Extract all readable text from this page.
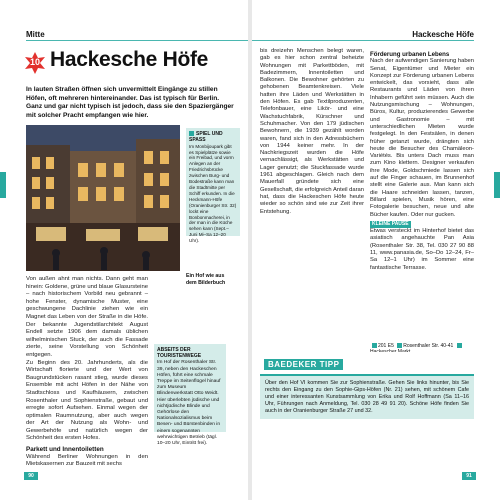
Mitte
10 Hackesche Höfe
In lauten Straßen öffnen sich unvermittelt Eingänge zu stillen Höfen, oft mehreren hintereinander. Das ist typisch für Berlin. Ganz und gar nicht typisch ist jedoch, dass sie den Spaziergänger mit solcher Pracht empfangen wie hier.
Ein Hof wie aus dem Bilderbuch
SPIEL UND SPASS
Im Monbijoupark gibt es Spielplätze sowie ein Freibad, und vorm Anlegen an der Friedrichsbrücke zwischen Burg- und Bodestraße kann man die Stadtmitte per Schiff erkunden. In die Heckmann-Höfe (Oranienburger Str. 32) lockt eine Bonbonmacherei, in der man in die Küche sehen kann (Sept.–Juni Mi–Sa 12–20 Uhr).

Von außen ahnt man nichts. Dann geht man hinein: Goldene, grüne und blaue Glasursteine – nach historischem Vorbild neu gebrannt – hohe Fenster, dynamische Muster, eine geschwungene Dachlinie ziehen wie ein Magnet das Leben von der Straße in die Höfe. Der bekannte Jugendstilarchitekt August Endell setzte 1906 dem damals üblichen wilhelminischen Stuck, der auch die Fassade zierte, seine Vorstellung von Schönheit entgegen.

Zu Beginn des 20. Jahrhunderts, als die Wirtschaft florierte und der Wert von Baugrundstücken rasant stieg, wurde dieses Ensemble mit acht Höfen in der Nähe von Stadtschloss und Kaufhäusern, zwischen Rosenthaler und Sophienstraße, gebaut und erregte sofort Aufsehen. Einmal wegen der optimalen Raumnutzung, aber auch wegen der Art der Nutzung als Wohn- und Gewerbehöfe und natürlich wegen der Schönheit des ersten Hofes.

Parkett und Innentoiletten

Während Berliner Wohnungen in den Mietskasernen zur Bauzeit mit sechs

ABSEITS DER TOURISTENWEGE
Im Hof der Rosenthaler Str. 39, neben den Hackeschen Höfen, führt eine schmale Treppe im Seitenflügel hinauf zum Museum Blindenwerkstatt Otto Weidt. Hier überlebten jüdische und nichtjüdische Blinde und Gehörlose den Nationalsozialismus beim Besen- und Bürstenbinden in einem sogenannten wehrwichtigen Betrieb (tägl. 10–20 Uhr, Eintritt frei).
90
Hackesche Höfe
bis dreizehn Menschen belegt waren, gab es hier schon zentral beheizte Wohnungen mit Parkettböden, mit Badezimmern, Innentoiletten und Balkonen. Die Bewohner gehörten zu gehobenen Beamtenkreisen. Viele hatten ihre Läden und Werkstätten in den Höfen. Es gab Textilproduzenten, Telefonbauer, eine Likör- und eine Wachstuchfabrik, Kürschner und Schuhmacher. Von den 179 jüdischen Bewohnern, die 1939 gezählt worden waren, fand sich in den Adressbüchern von 1944 keiner mehr. In der Nachkriegszeit wurden die Höfe vernachlässigt, als Werkstätten und Lager genutzt; die Stuckfassade wurde 1961 abgeschlagen. Gleich nach dem Mauerfall gründete sich eine Gesellschaft, die erfolgreich Anteil daran hat, dass die Hackeschen Höfe heute wieder so schön sind wie zur Zeit ihrer Entstehung.
Förderung urbanen Lebens

Nach der aufwendigen Sanierung haben Senat, Eigentümer und Mieter ein Konzept zur Förderung urbanen Lebens entwickelt, das vorsieht, dass alle Restaurants und Läden von ihren Inhabern geführt sein müssen. Auch die Nutzungsmischung – Wohnungen, Büros, Kultur, produzierendes Gewerbe und Gastronomie – mit unterschiedlichen Mieten wurde festgelegt. In den Festsälen, in denen früher getanzt wurde, drängten sich heute die Besucher des Chamäleon-Variétés. Bis unters Dach muss man zum Kino klettern. Designer verkaufen ihre Mode, Goldschmiede lassen sich auf die Finger schauen, im Brunnenhof stellt eine Galerie aus. Man kann sich die Haare schneiden lassen, tanzen, Billard spielen, Musik hören, eine Fotogalerie besuchen, neue und alte Bücher kaufen. Oder nur gucken.

KLEINE PAUSE

Etwas versteckt im Hinterhof bietet das asiatisch angehauchte Pan Asia (Rosenthaler Str. 38, Tel. 030 27 90 88 11, www.panasia.de, So–Do 12–24, Fr–Sa 12–1 Uhr) im Sommer eine fantastische Terrasse.

201 E5 Rosenthaler Str. 40-41
BAEDEKER TIPP
Über den Hof VI kommen Sie zur Sophienstraße. Gehen Sie links hinunter, bis Sie rechts den Eingang zu den Sophie-Gips-Höfen (Nr. 21) sehen, mit schönem Cafe und einer interessanten Kunstsammlung von Erika und Rolf Hoffmann (Sa 11–16 Uhr, Führungen nach Anmeldung, Tel. 030 28 49 91 20). Schöne Höfe finden Sie auch in der Oranienburger Straße 27 und 32.
91
